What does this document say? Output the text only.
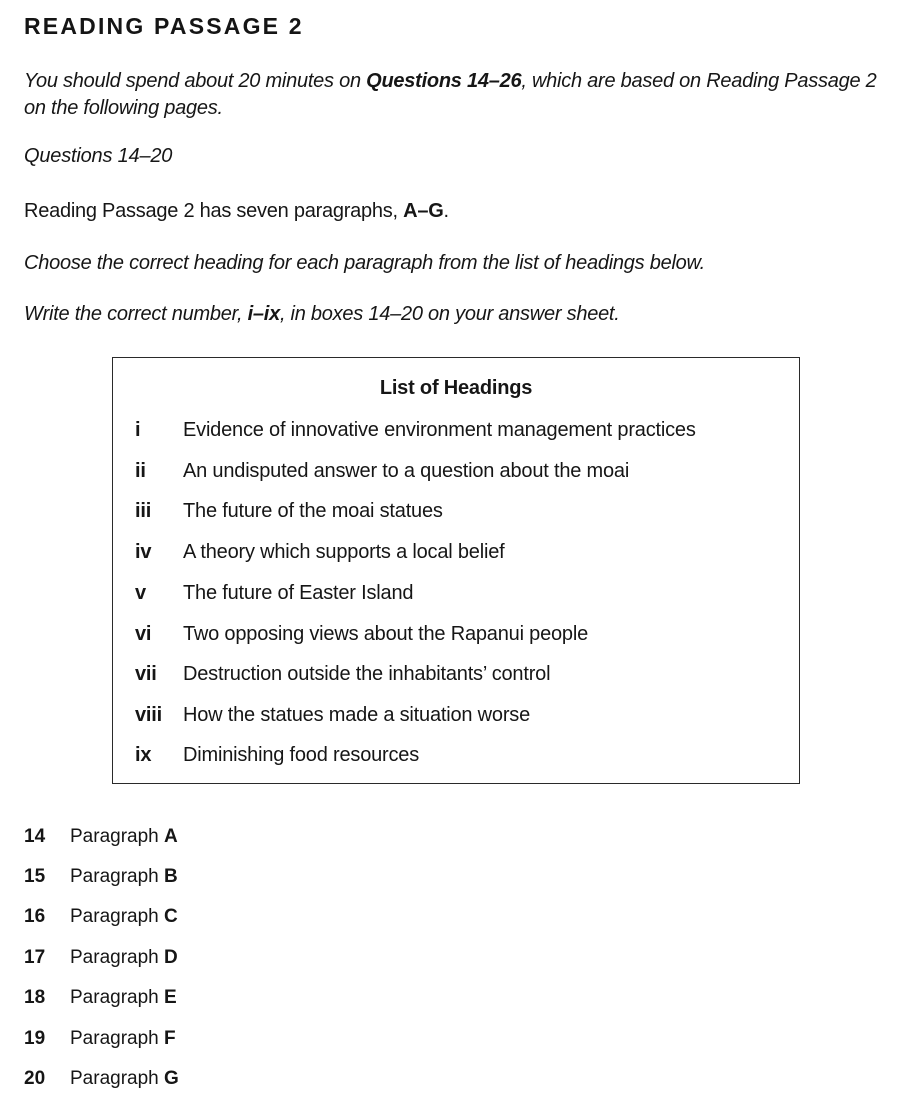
READING PASSAGE 2
You should spend about 20 minutes on Questions 14–26, which are based on Reading Passage 2 on the following pages.
Questions 14–20
Reading Passage 2 has seven paragraphs, A–G.
Choose the correct heading for each paragraph from the list of headings below.
Write the correct number, i–ix, in boxes 14–20 on your answer sheet.
List of Headings
i	Evidence of innovative environment management practices
ii	An undisputed answer to a question about the moai
iii	The future of the moai statues
iv	A theory which supports a local belief
v	The future of Easter Island
vi	Two opposing views about the Rapanui people
vii	Destruction outside the inhabitants’ control
viii	How the statues made a situation worse
ix	Diminishing food resources
14	Paragraph A
15	Paragraph B
16	Paragraph C
17	Paragraph D
18	Paragraph E
19	Paragraph F
20	Paragraph G
